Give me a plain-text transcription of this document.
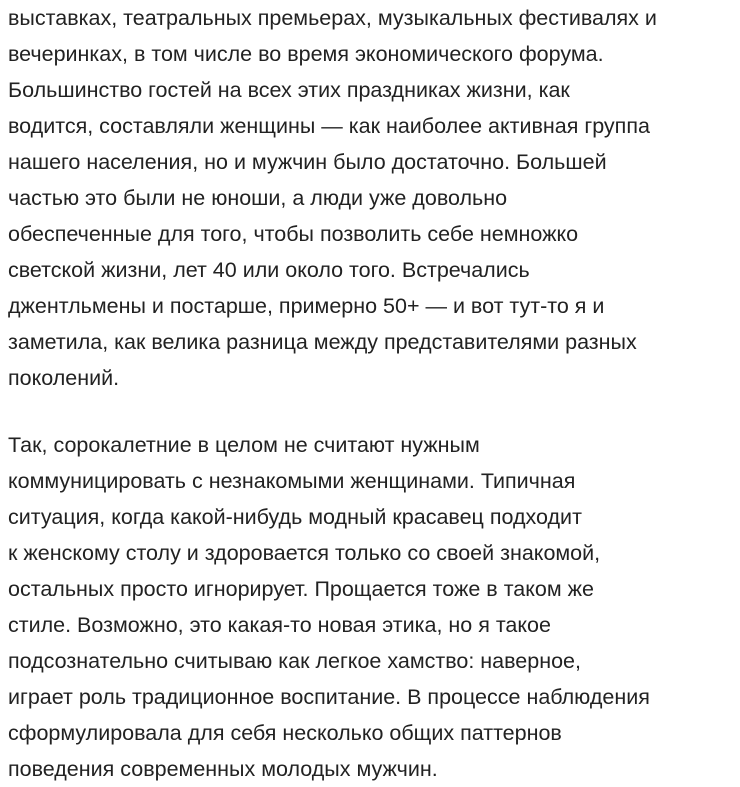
выставках, театральных премьерах, музыкальных фестивалях и
вечеринках, в том числе во время экономического форума.
Большинство гостей на всех этих праздниках жизни, как
водится, составляли женщины — как наиболее активная группа
нашего населения, но и мужчин было достаточно. Большей
частью это были не юноши, а люди уже довольно
обеспеченные для того, чтобы позволить себе немножко
светской жизни, лет 40 или около того. Встречались
джентльмены и постарше, примерно 50+ — и вот тут-то я и
заметила, как велика разница между представителями разных
поколений.

Так, сорокалетние в целом не считают нужным
коммуницировать с незнакомыми женщинами. Типичная
ситуация, когда какой-нибудь модный красавец подходит
к женскому столу и здоровается только со своей знакомой,
остальных просто игнорирует. Прощается тоже в таком же
стиле. Возможно, это какая-то новая этика, но я такое
подсознательно считываю как легкое хамство: наверное,
играет роль традиционное воспитание. В процессе наблюдения
сформулировала для себя несколько общих паттернов
поведения современных молодых мужчин.
